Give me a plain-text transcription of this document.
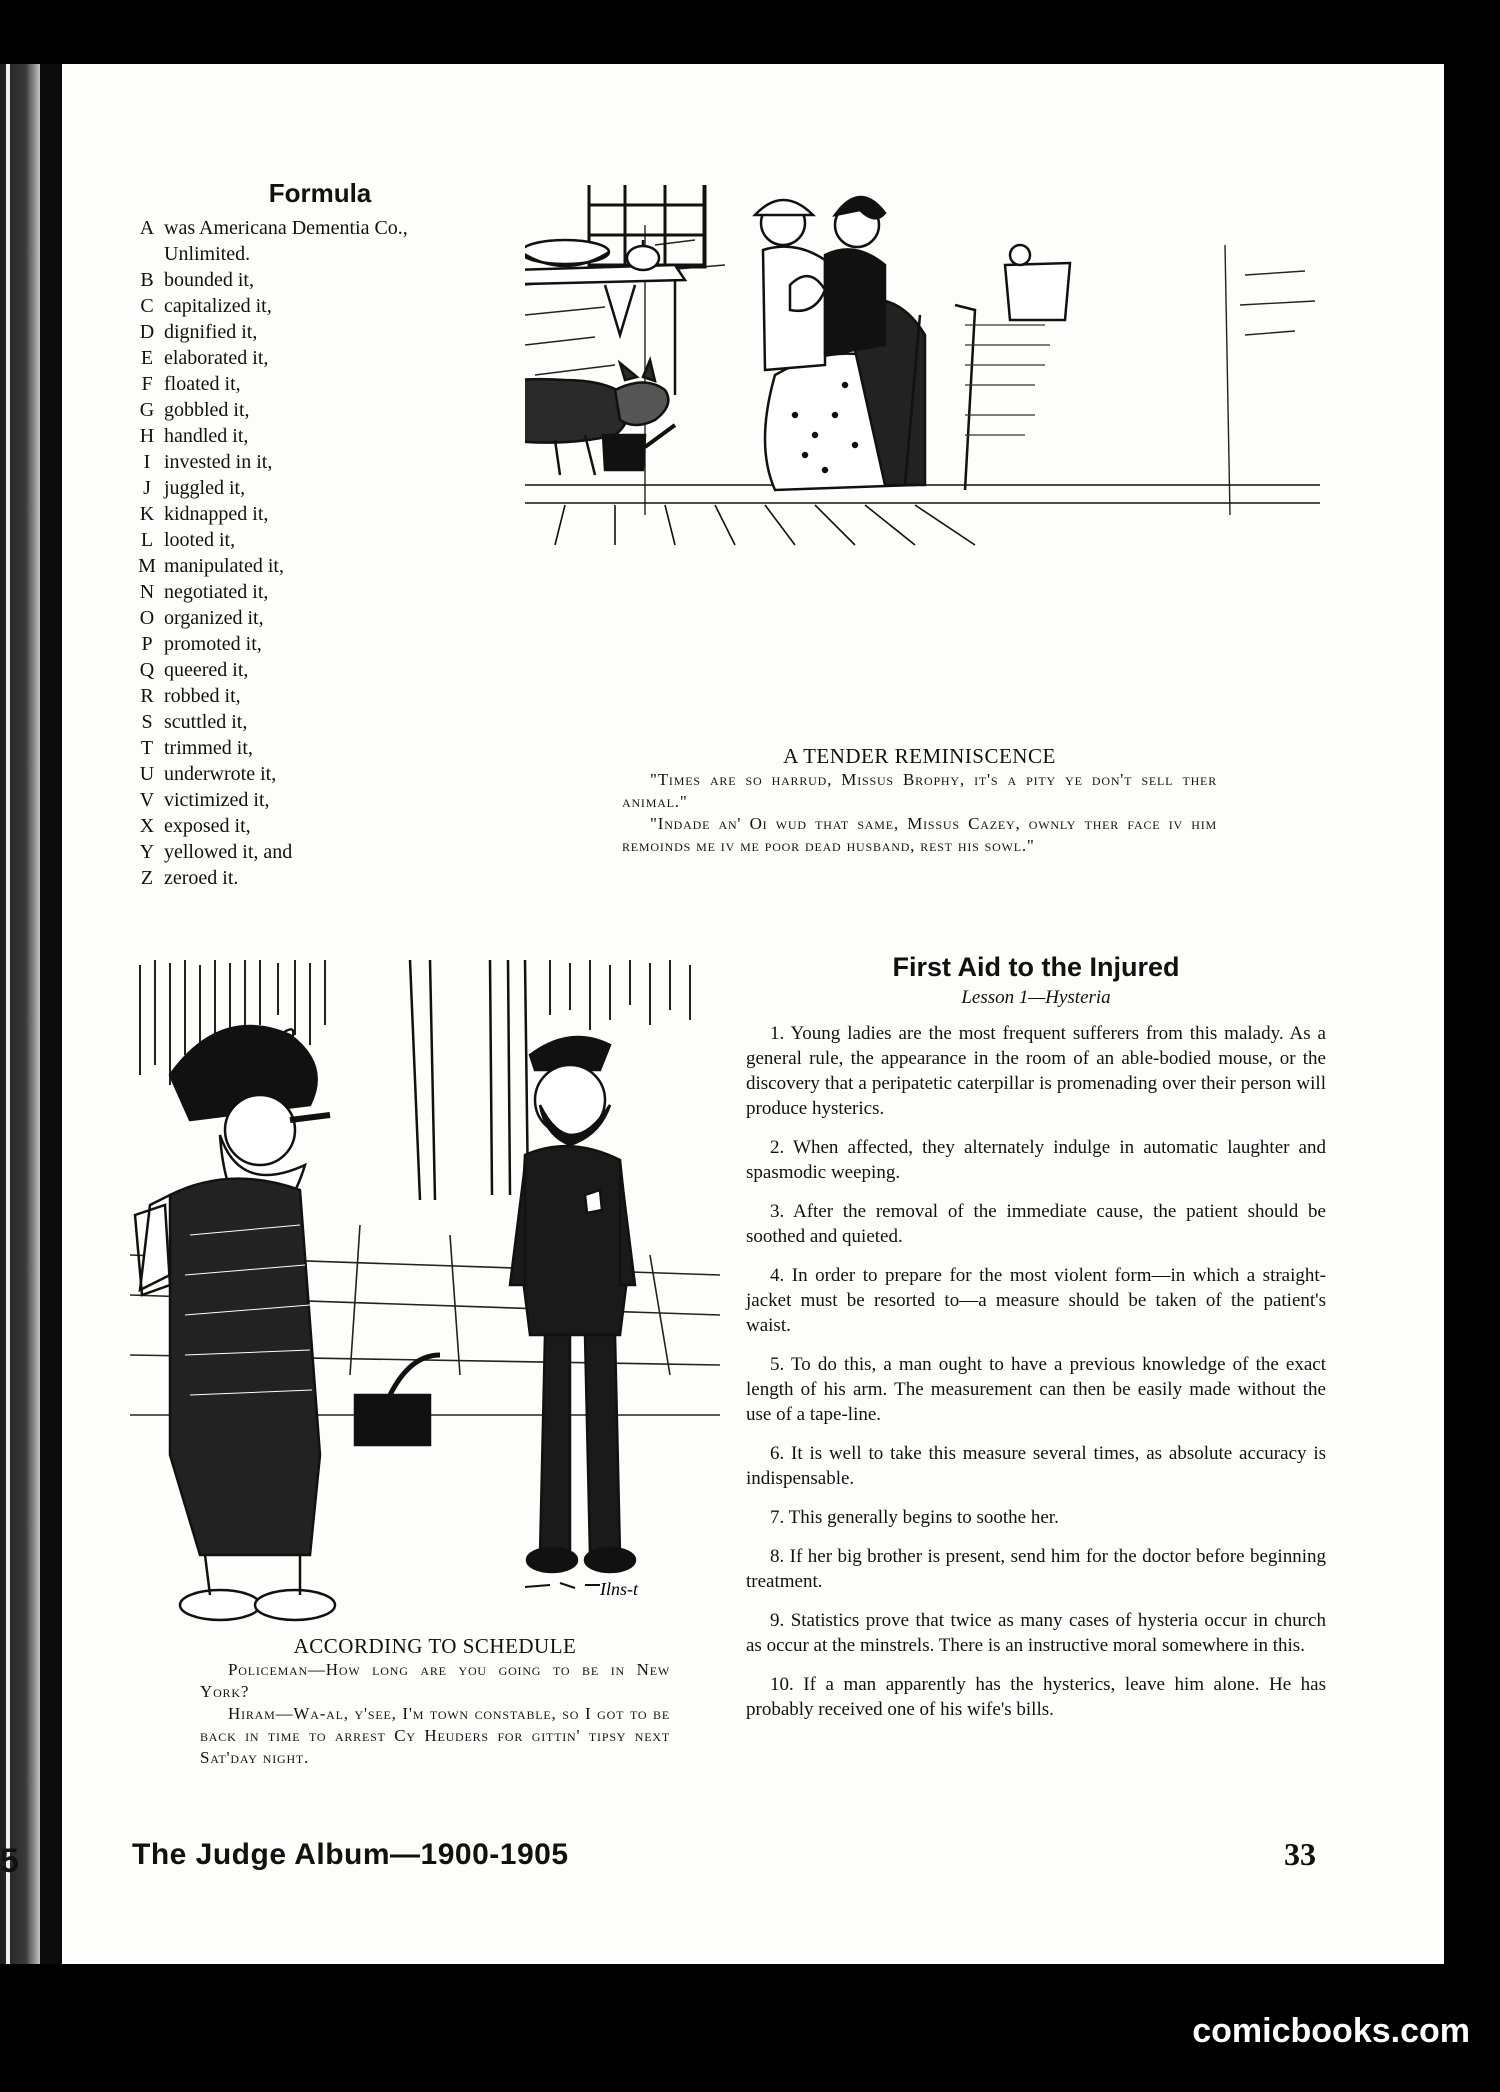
5
Formula
A was Americana Dementia Co.,
Unlimited.
B bounded it,
C capitalized it,
D dignified it,
E elaborated it,
F floated it,
G gobbled it,
H handled it,
I invested in it,
J juggled it,
K kidnapped it,
L looted it,
M manipulated it,
N negotiated it,
O organized it,
P promoted it,
Q queered it,
R robbed it,
S scuttled it,
T trimmed it,
U underwrote it,
V victimized it,
X exposed it,
Y yellowed it, and
Z zeroed it.
A TENDER REMINISCENCE
"Times are so harrud, Missus Brophy, it's a pity ye don't sell ther animal."
"Indade an' Oi wud that same, Missus Cazey, ownly ther face iv him remoinds me iv me poor dead husband, rest his sowl."
Ilns-t
ACCORDING TO SCHEDULE
Policeman—How long are you going to be in New York?
Hiram—Wa-al, y'see, I'm town constable, so I got to be back in time to arrest Cy Heuders for gittin' tipsy next Sat'day night.
First Aid to the Injured
Lesson 1—Hysteria

1. Young ladies are the most frequent sufferers from this malady. As a general rule, the appearance in the room of an able-bodied mouse, or the discovery that a peripatetic caterpillar is promenading over their person will produce hysterics.

2. When affected, they alternately indulge in automatic laughter and spasmodic weeping.

3. After the removal of the immediate cause, the patient should be soothed and quieted.

4. In order to prepare for the most violent form—in which a straight-jacket must be resorted to—a measure should be taken of the patient's waist.

5. To do this, a man ought to have a previous knowledge of the exact length of his arm. The measurement can then be easily made without the use of a tape-line.

6. It is well to take this measure several times, as absolute accuracy is indispensable.

7. This generally begins to soothe her.

8. If her big brother is present, send him for the doctor before beginning treatment.

9. Statistics prove that twice as many cases of hysteria occur in church as occur at the minstrels. There is an instructive moral somewhere in this.

10. If a man apparently has the hysterics, leave him alone. He has probably received one of his wife's bills.

The Judge Album—1900-1905	33
comicbooks.com
